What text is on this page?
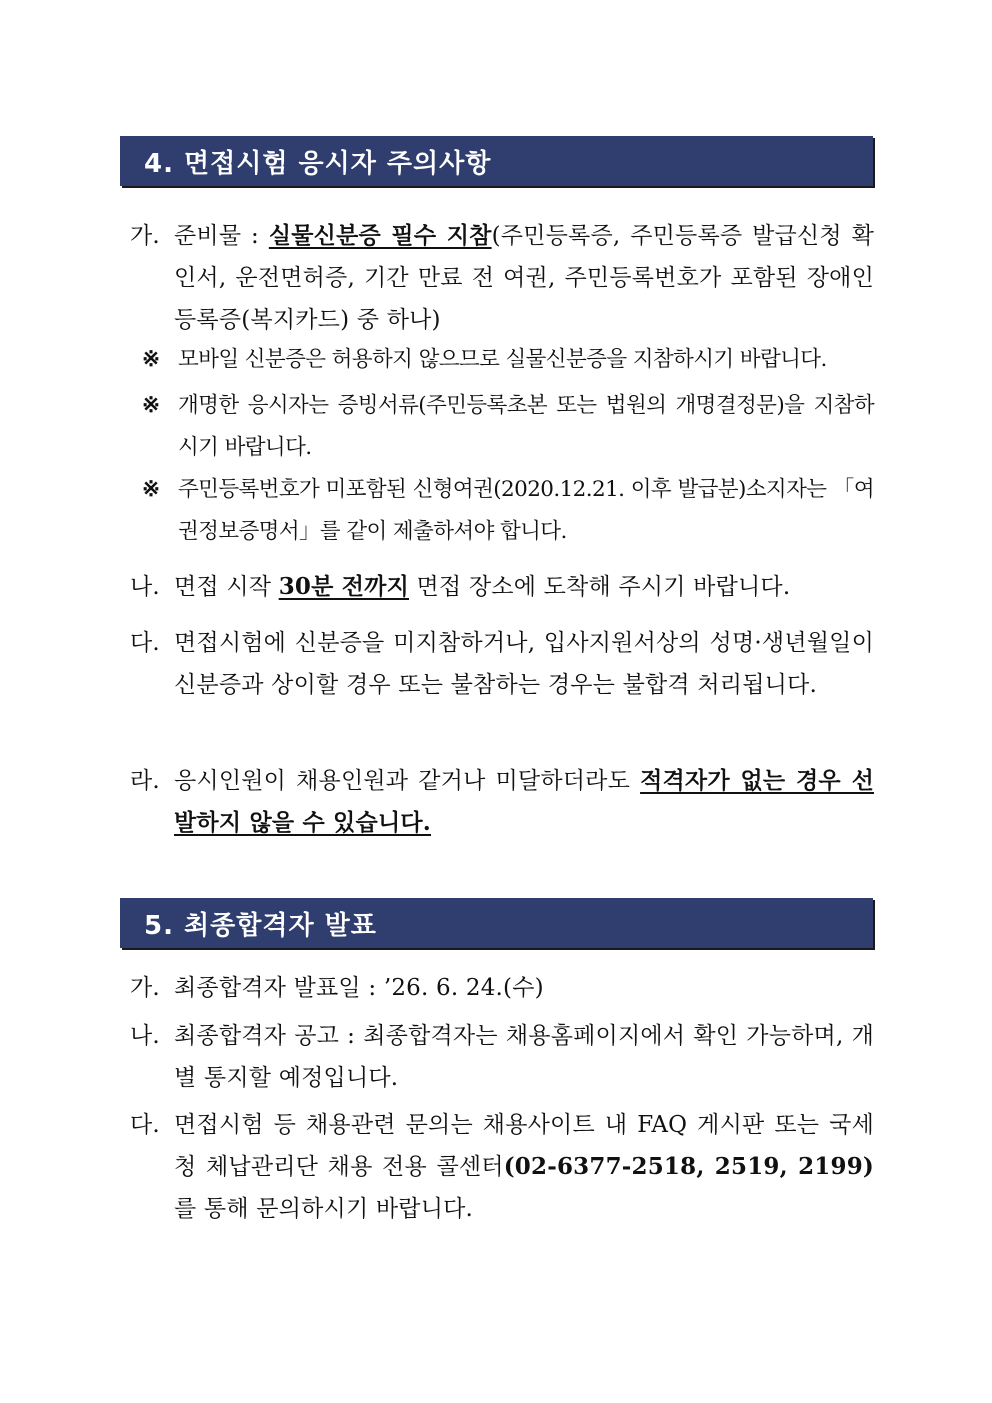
4. 면접시험 응시자 주의사항
가. 준비물 : 실물신분증 필수 지참(주민등록증, 주민등록증 발급신청 확인서, 운전면허증, 기간 만료 전 여권, 주민등록번호가 포함된 장애인등록증(복지카드) 중 하나)
※ 모바일 신분증은 허용하지 않으므로 실물신분증을 지참하시기 바랍니다.
※ 개명한 응시자는 증빙서류(주민등록초본 또는 법원의 개명결정문)을 지참하시기 바랍니다.
※ 주민등록번호가 미포함된 신형여권(2020.12.21. 이후 발급분)소지자는 「여권정보증명서」를 같이 제출하셔야 합니다.
나. 면접 시작 30분 전까지 면접 장소에 도착해 주시기 바랍니다.
다. 면접시험에 신분증을 미지참하거나, 입사지원서상의 성명·생년월일이 신분증과 상이할 경우 또는 불참하는 경우는 불합격 처리됩니다.
라. 응시인원이 채용인원과 같거나 미달하더라도 적격자가 없는 경우 선발하지 않을 수 있습니다.
5. 최종합격자 발표
가. 최종합격자 발표일 : ’26. 6. 24.(수)
나. 최종합격자 공고 : 최종합격자는 채용홈페이지에서 확인 가능하며, 개별 통지할 예정입니다.
다. 면접시험 등 채용관련 문의는 채용사이트 내 FAQ 게시판 또는 국세청 체납관리단 채용 전용 콜센터(02-6377-2518, 2519, 2199)를 통해 문의하시기 바랍니다.
